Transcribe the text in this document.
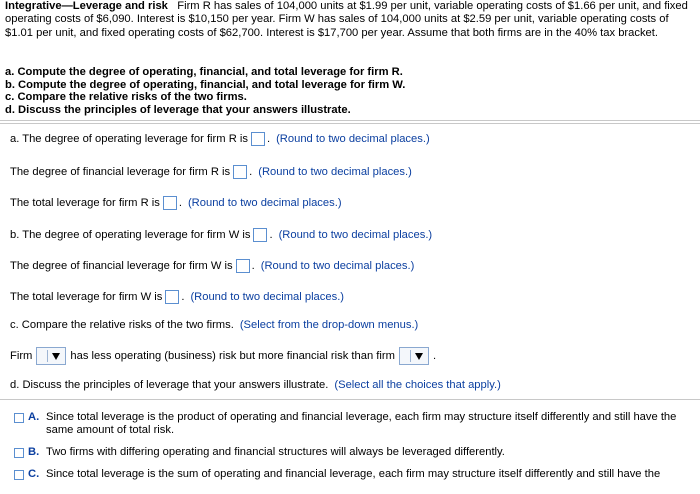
Integrative—Leverage and risk Firm R has sales of 104,000 units at $1.99 per unit, variable operating costs of $1.66 per unit, and fixed operating costs of $6,090. Interest is $10,150 per year. Firm W has sales of 104,000 units at $2.59 per unit, variable operating costs of $1.01 per unit, and fixed operating costs of $62,700. Interest is $17,700 per year. Assume that both firms are in the 40% tax bracket.
a. Compute the degree of operating, financial, and total leverage for firm R.
b. Compute the degree of operating, financial, and total leverage for firm W.
c. Compare the relative risks of the two firms.
d. Discuss the principles of leverage that your answers illustrate.
a. The degree of operating leverage for firm R is . (Round to two decimal places.)
The degree of financial leverage for firm R is . (Round to two decimal places.)
The total leverage for firm R is . (Round to two decimal places.)
b. The degree of operating leverage for firm W is . (Round to two decimal places.)
The degree of financial leverage for firm W is . (Round to two decimal places.)
The total leverage for firm W is . (Round to two decimal places.)
c. Compare the relative risks of the two firms. (Select from the drop-down menus.)
Firm	has less operating (business) risk but more financial risk than firm	.
d. Discuss the principles of leverage that your answers illustrate. (Select all the choices that apply.)
A. Since total leverage is the product of operating and financial leverage, each firm may structure itself differently and still have the same amount of total risk.
B. Two firms with differing operating and financial structures will always be leveraged differently.
C. Since total leverage is the sum of operating and financial leverage, each firm may structure itself differently and still have the
